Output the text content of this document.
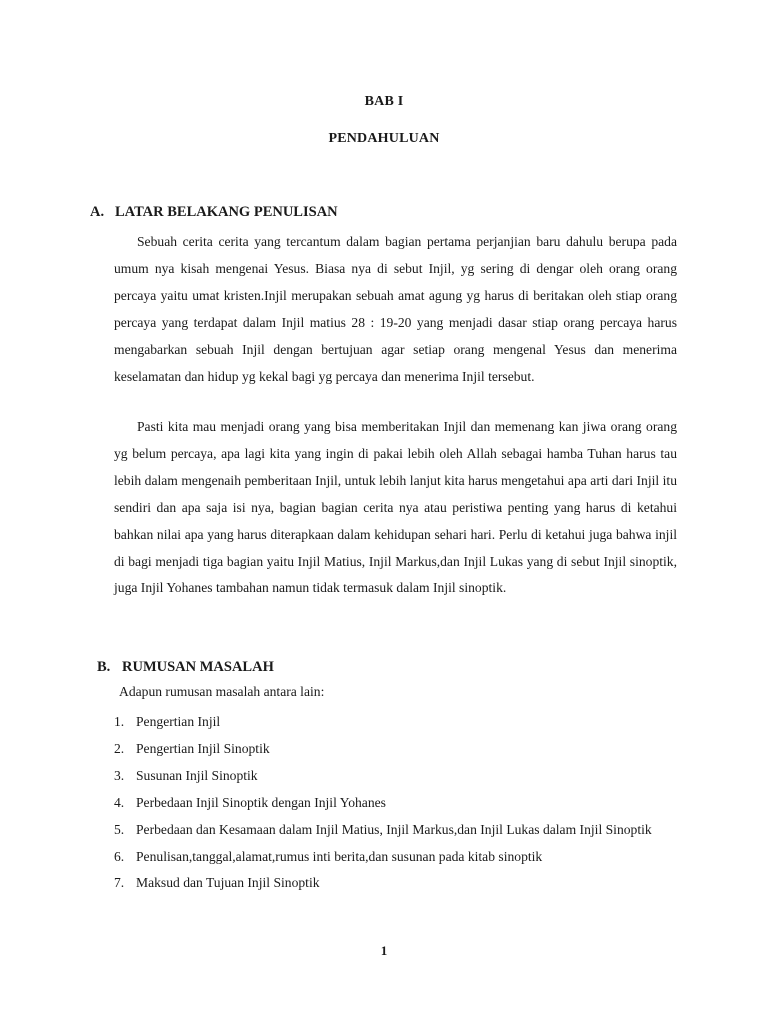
BAB I
PENDAHULUAN
A. LATAR BELAKANG PENULISAN

Sebuah cerita cerita yang tercantum dalam bagian pertama perjanjian baru dahulu berupa pada umum nya kisah mengenai Yesus. Biasa nya di sebut Injil, yg sering di dengar oleh orang orang percaya yaitu umat kristen.Injil merupakan sebuah amat agung yg harus di beritakan oleh stiap orang percaya yang terdapat dalam Injil matius 28 : 19-20 yang menjadi dasar stiap orang percaya harus mengabarkan sebuah Injil dengan bertujuan agar setiap orang mengenal Yesus dan menerima keselamatan dan hidup yg kekal bagi yg percaya dan menerima Injil tersebut.

Pasti kita mau menjadi orang yang bisa memberitakan Injil dan memenang kan jiwa orang orang yg belum percaya, apa lagi kita yang ingin di pakai lebih oleh Allah sebagai hamba Tuhan harus tau lebih dalam mengenaih pemberitaan Injil, untuk lebih lanjut kita harus mengetahui apa arti dari Injil itu sendiri dan apa saja isi nya, bagian bagian cerita nya atau peristiwa penting yang harus di ketahui bahkan nilai apa yang harus diterapkaan dalam kehidupan sehari hari. Perlu di ketahui juga bahwa injil di bagi menjadi tiga bagian yaitu Injil Matius, Injil Markus,dan Injil Lukas yang di sebut Injil sinoptik, juga Injil Yohanes tambahan namun tidak termasuk dalam Injil sinoptik.

B. RUMUSAN MASALAH

Adapun rumusan masalah antara lain:

1. Pengertian Injil
2. Pengertian Injil Sinoptik
3. Susunan Injil Sinoptik
4. Perbedaan Injil Sinoptik dengan Injil Yohanes
5. Perbedaan dan Kesamaan dalam Injil Matius, Injil Markus,dan Injil Lukas dalam Injil Sinoptik
6. Penulisan,tanggal,alamat,rumus inti berita,dan susunan pada kitab sinoptik
7. Maksud dan Tujuan Injil Sinoptik
1
